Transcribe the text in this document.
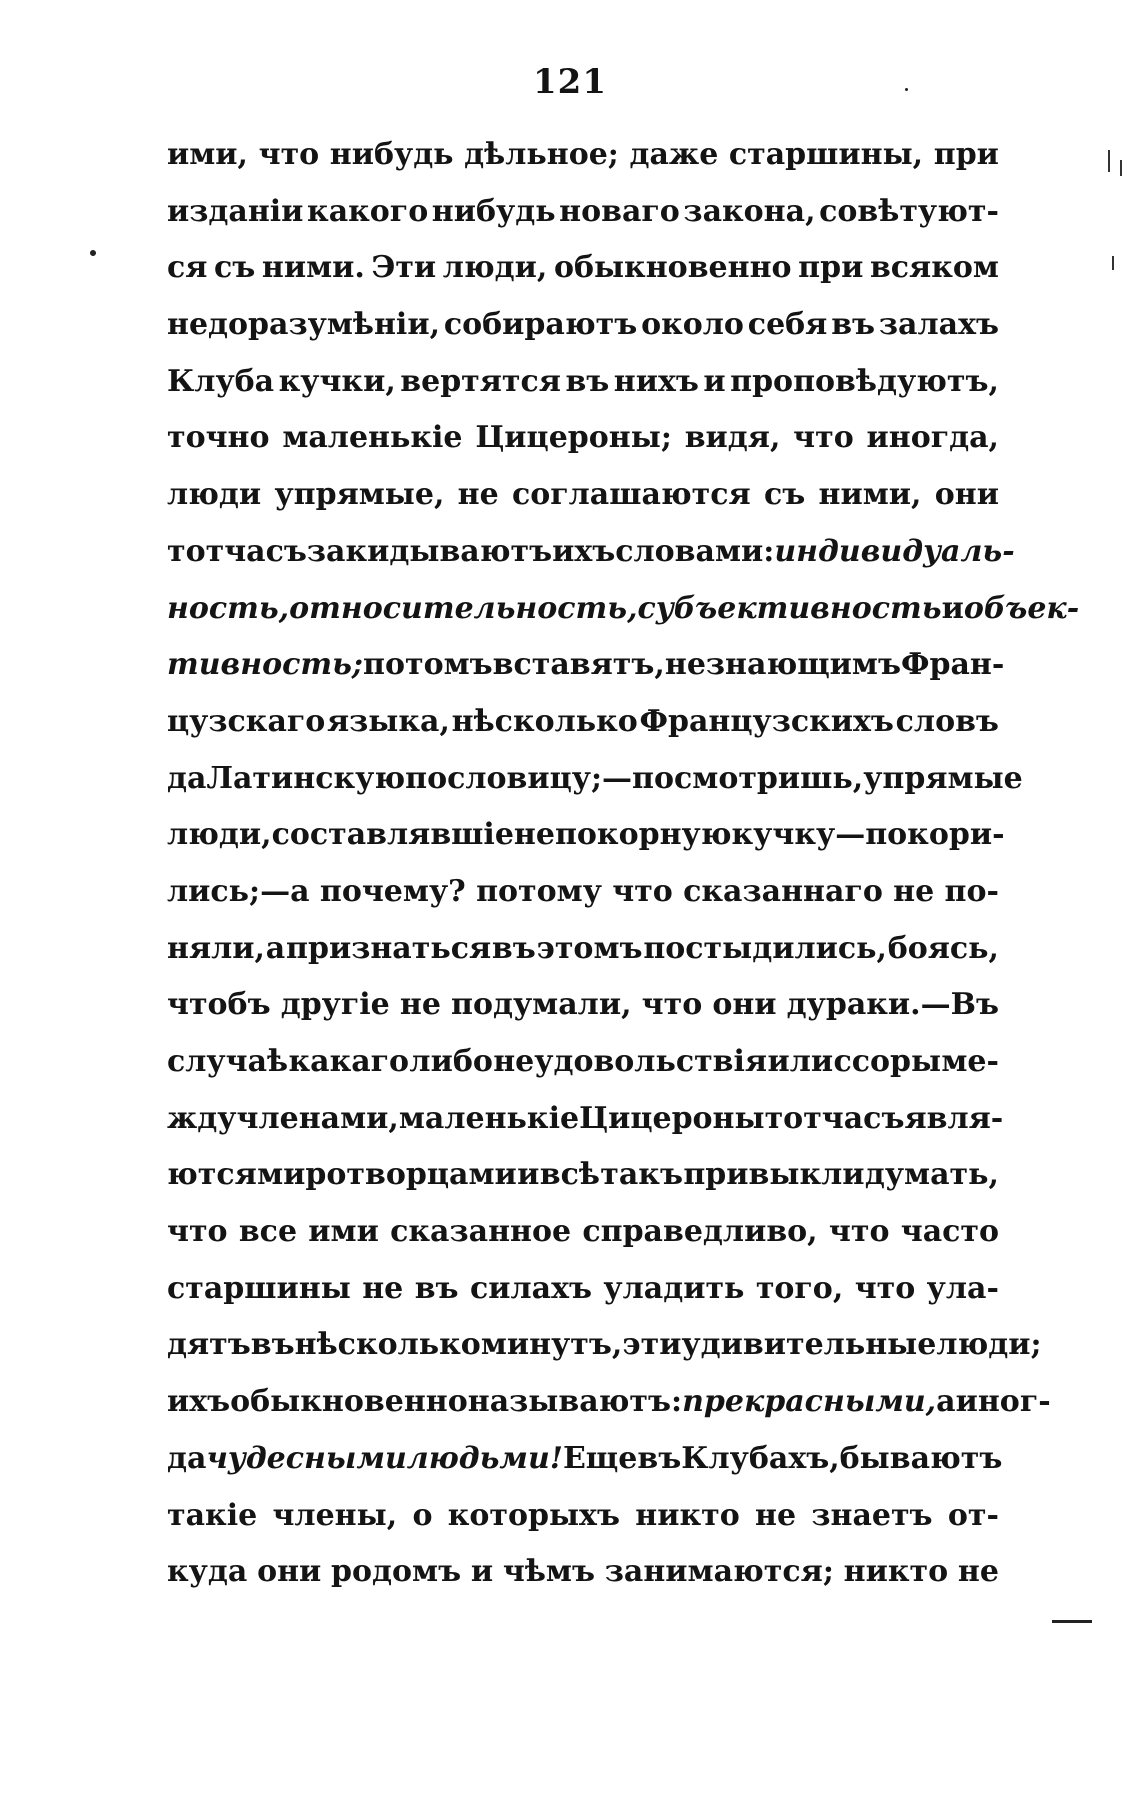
121
ими, что нибудь дѣльное; даже старшины, при
изданіи какого нибудь новаго закона, совѣтуют-
ся съ ними. Эти люди, обыкновенно при всяком
недоразумѣніи, собираютъ около себя въ залахъ
Клуба кучки, вертятся въ нихъ и проповѣдуютъ,
точно маленькіе Цицероны; видя, что иногда,
люди упрямые, не соглашаются съ ними, они
тотчасъ закидываютъ ихъ словами: индивидуаль-
ность, относительность, субъективность и объек-
тивность; потомъ вставятъ, незнающимъ Фран-
цузскаго языка, нѣсколько Французскихъ словъ
да Латинскую пословицу;—посмотришь, упрямые
люди, составлявшіе непокорную кучку — покори-
лись;—а почему? потому что сказаннаго не по-
няли, а признаться въ этомъ постыдились, боясь,
чтобъ другіе не подумали, что они дураки.—Въ
случаѣ какаго либо неудовольствія или ссоры ме-
жду членами, маленькіе Цицероны тотчасъ явля-
ются миротворцами и всѣ такъ привыкли думать,
что все ими сказанное справедливо, что часто
старшины не въ силахъ уладить того, что ула-
дятъ въ нѣсколько минутъ, эти удивительные люди;
ихъ обыкновенно называютъ: прекрасными, а иног-
да чудесными людьми! Еще въ Клубахъ, бываютъ
такіе члены, о которыхъ никто не знаетъ от-
куда они родомъ и чѣмъ занимаются; никто не
